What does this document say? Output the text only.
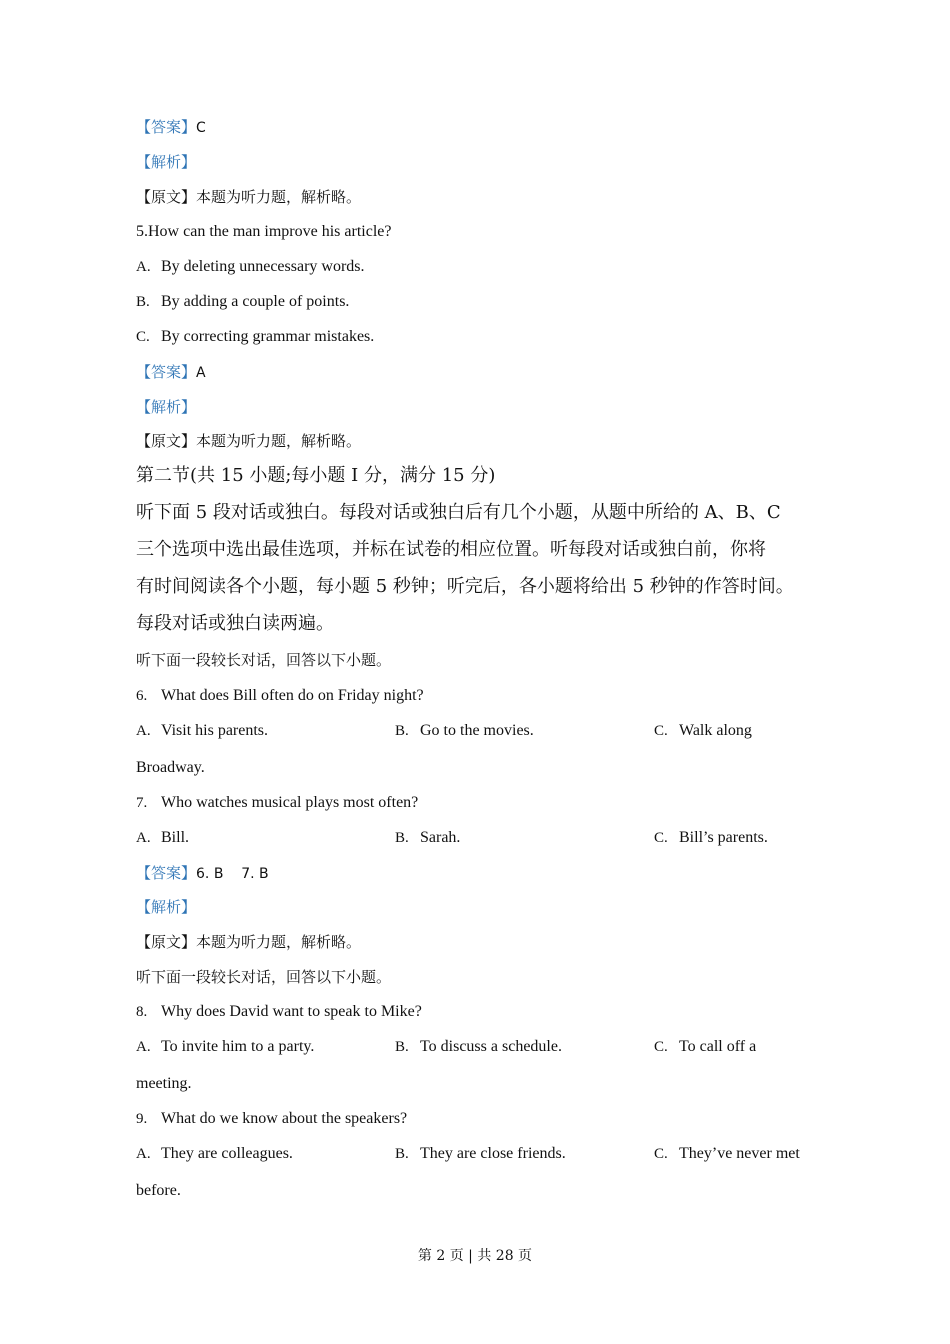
【答案】C
【解析】
【原文】本题为听力题，解析略。
5.How can the man improve his article?
A. By deleting unnecessary words.
B. By adding a couple of points.
C. By correcting grammar mistakes.
【答案】A
【解析】
【原文】本题为听力题，解析略。
第二节(共 15 小题;每小题 I 分，满分 15 分)
听下面 5 段对话或独白。每段对话或独白后有几个小题，从题中所给的 A、B、C
三个选项中选出最佳选项，并标在试卷的相应位置。听每段对话或独白前，你将
有时间阅读各个小题，每小题 5 秒钟；听完后，各小题将给出 5 秒钟的作答时间。
每段对话或独白读两遍。
听下面一段较长对话，回答以下小题。
6. What does Bill often do on Friday night?
A. Visit his parents.	B. Go to the movies.	C. Walk along
Broadway.
7. Who watches musical plays most often?
A. Bill.	B. Sarah.	C. Bill’s parents.
【答案】6. B    7. B
【解析】
【原文】本题为听力题，解析略。
听下面一段较长对话，回答以下小题。
8. Why does David want to speak to Mike?
A. To invite him to a party.	B. To discuss a schedule.	C. To call off a
meeting.
9. What do we know about the speakers?
A. They are colleagues.	B. They are close friends.	C. They’ve never met
before.
第 2 页 | 共 28 页
